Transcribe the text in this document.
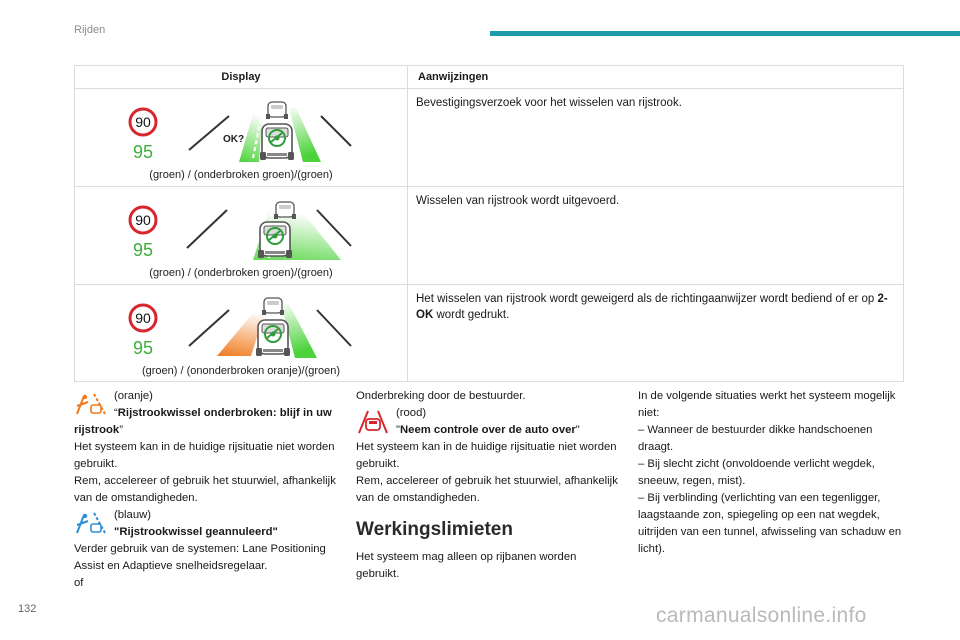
Rijden
Display	Aanwijzingen

90
95
OK?
(groen) / (onderbroken groen)/(groen)	Bevestigingsverzoek voor het wisselen van rijstrook.

90
95
(groen) / (onderbroken groen)/(groen)	Wisselen van rijstrook wordt uitgevoerd.

90
95
(groen) / (ononderbroken oranje)/(groen)	Het wisselen van rijstrook wordt geweigerd als de richtingaanwijzer wordt bediend of er op 2-OK wordt gedrukt.
(oranje)
“Rijstrookwissel onderbroken: blijf in uw rijstrook”
Het systeem kan in de huidige rijsituatie niet worden gebruikt.
Rem, accelereer of gebruik het stuurwiel, afhankelijk van de omstandigheden.
(blauw)
"Rijstrookwissel geannuleerd"
Verder gebruik van de systemen: Lane Positioning Assist en Adaptieve snelheidsregelaar.
of
Onderbreking door de bestuurder.
(rood)
"Neem controle over de auto over"
Het systeem kan in de huidige rijsituatie niet worden gebruikt.
Rem, accelereer of gebruik het stuurwiel, afhankelijk van de omstandigheden.
Werkingslimieten
Het systeem mag alleen op rijbanen worden gebruikt.
In de volgende situaties werkt het systeem mogelijk niet:
– Wanneer de bestuurder dikke handschoenen draagt.
– Bij slecht zicht (onvoldoende verlicht wegdek, sneeuw, regen, mist).
– Bij verblinding (verlichting van een tegenligger, laagstaande zon, spiegeling op een nat wegdek, uitrijden van een tunnel, afwisseling van schaduw en licht).
132	carmanualsonline.info
